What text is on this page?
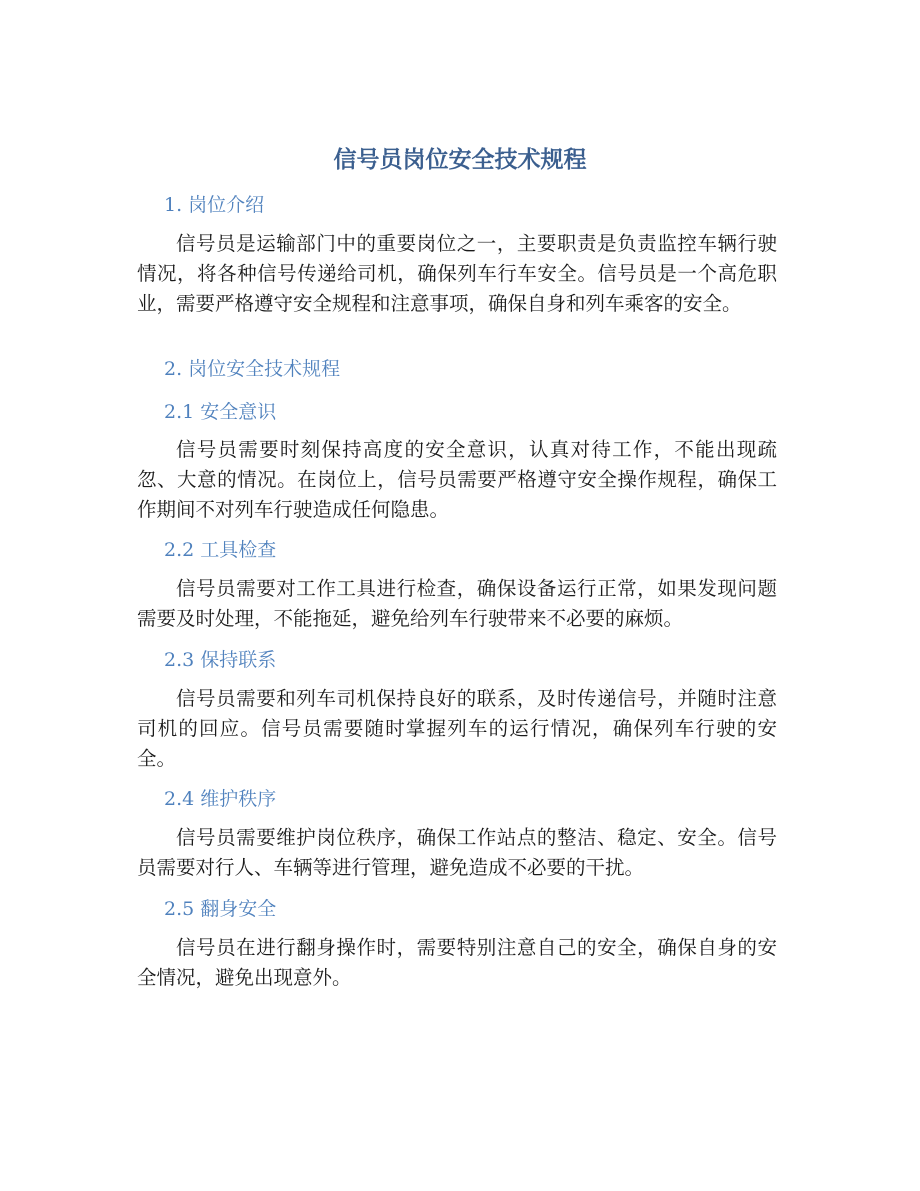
信号员岗位安全技术规程
1. 岗位介绍

信号员是运输部门中的重要岗位之一，主要职责是负责监控车辆行驶情况，将各种信号传递给司机，确保列车行车安全。信号员是一个高危职业，需要严格遵守安全规程和注意事项，确保自身和列车乘客的安全。

2. 岗位安全技术规程
2.1 安全意识

信号员需要时刻保持高度的安全意识，认真对待工作，不能出现疏忽、大意的情况。在岗位上，信号员需要严格遵守安全操作规程，确保工作期间不对列车行驶造成任何隐患。

2.2 工具检查

信号员需要对工作工具进行检查，确保设备运行正常，如果发现问题需要及时处理，不能拖延，避免给列车行驶带来不必要的麻烦。

2.3 保持联系

信号员需要和列车司机保持良好的联系，及时传递信号，并随时注意司机的回应。信号员需要随时掌握列车的运行情况，确保列车行驶的安全。

2.4 维护秩序

信号员需要维护岗位秩序，确保工作站点的整洁、稳定、安全。信号员需要对行人、车辆等进行管理，避免造成不必要的干扰。

2.5 翻身安全

信号员在进行翻身操作时，需要特别注意自己的安全，确保自身的安全情况，避免出现意外。
